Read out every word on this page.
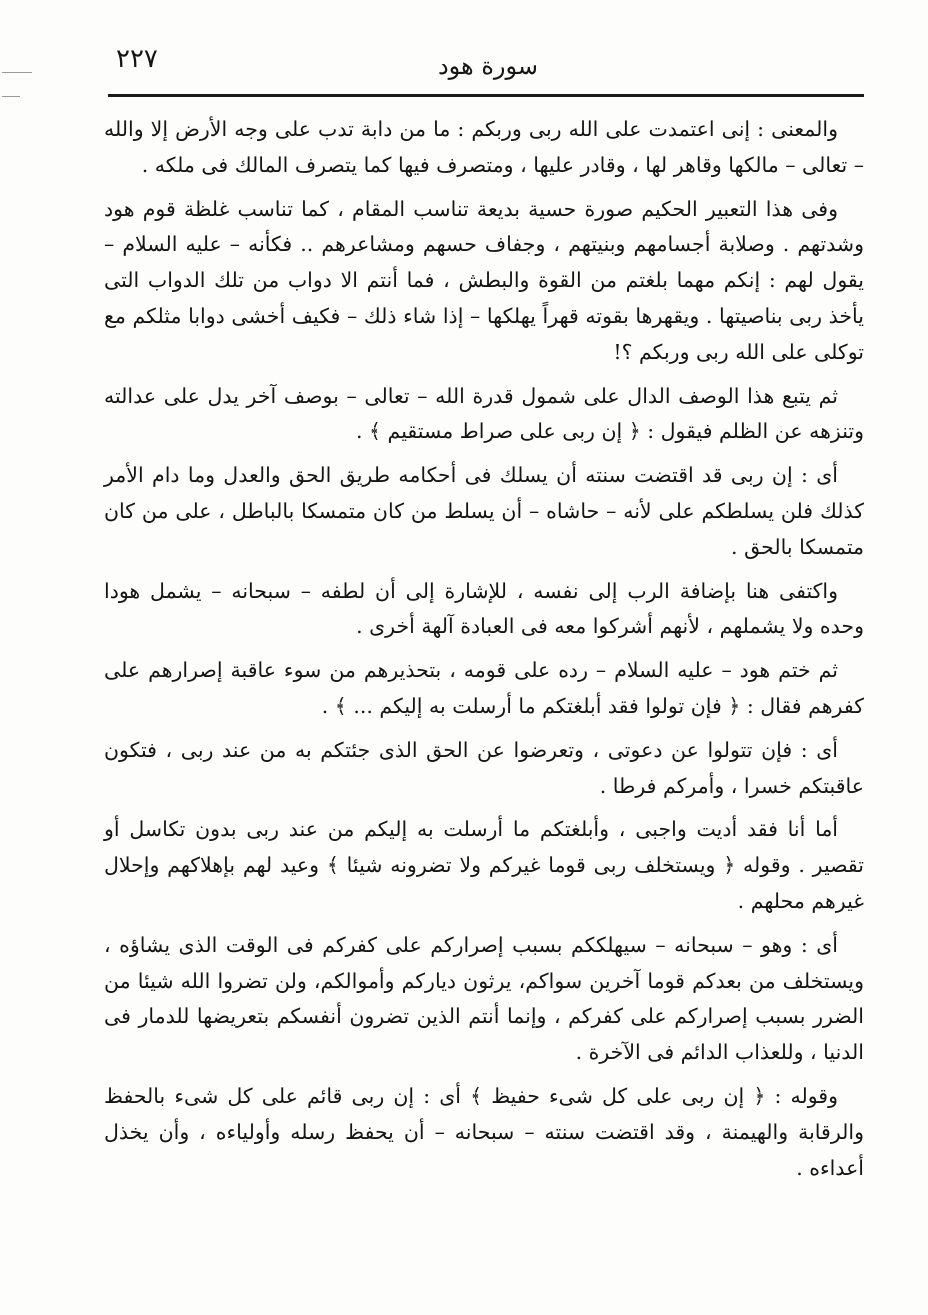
٢٢٧	سورة هود

والمعنى : إنى اعتمدت على الله ربى وربكم : ما من دابة تدب على وجه الأرض إلا والله – تعالى – مالكها وقاهر لها ، وقادر عليها ، ومتصرف فيها كما يتصرف المالك فى ملكه .

وفى هذا التعبير الحكيم صورة حسية بديعة تناسب المقام ، كما تناسب غلظة قوم هود وشدتهم . وصلابة أجسامهم وبنيتهم ، وجفاف حسهم ومشاعرهم .. فكأنه – عليه السلام – يقول لهم : إنكم مهما بلغتم من القوة والبطش ، فما أنتم الا دواب من تلك الدواب التى يأخذ ربى بناصيتها . ويقهرها بقوته قهراً يهلكها – إذا شاء ذلك – فكيف أخشى دوابا مثلكم مع توكلى على الله ربى وربكم ؟!

ثم يتبع هذا الوصف الدال على شمول قدرة الله – تعالى – بوصف آخر يدل على عدالته وتنزهه عن الظلم فيقول : ﴿ إن ربى على صراط مستقيم ﴾ .

أى : إن ربى قد اقتضت سنته أن يسلك فى أحكامه طريق الحق والعدل وما دام الأمر كذلك فلن يسلطكم على لأنه – حاشاه – أن يسلط من كان متمسكا بالباطل ، على من كان متمسكا بالحق .

واكتفى هنا بإضافة الرب إلى نفسه ، للإشارة إلى أن لطفه – سبحانه – يشمل هودا وحده ولا يشملهم ، لأنهم أشركوا معه فى العبادة آلهة أخرى .

ثم ختم هود – عليه السلام – رده على قومه ، بتحذيرهم من سوء عاقبة إصرارهم على كفرهم فقال : ﴿ فإن تولوا فقد أبلغتكم ما أرسلت به إليكم ... ﴾ .

أى : فإن تتولوا عن دعوتى ، وتعرضوا عن الحق الذى جئتكم به من عند ربى ، فتكون عاقبتكم خسرا ، وأمركم فرطا .

أما أنا فقد أديت واجبى ، وأبلغتكم ما أرسلت به إليكم من عند ربى بدون تكاسل أو تقصير . وقوله ﴿ ويستخلف ربى قوما غيركم ولا تضرونه شيئا ﴾ وعيد لهم بإهلاكهم وإحلال غيرهم محلهم .

أى : وهو – سبحانه – سيهلككم بسبب إصراركم على كفركم فى الوقت الذى يشاؤه ، ويستخلف من بعدكم قوما آخرين سواكم، يرثون دياركم وأموالكم، ولن تضروا الله شيئا من الضرر بسبب إصراركم على كفركم ، وإنما أنتم الذين تضرون أنفسكم بتعريضها للدمار فى الدنيا ، وللعذاب الدائم فى الآخرة .

وقوله : ﴿ إن ربى على كل شىء حفيظ ﴾ أى : إن ربى قائم على كل شىء بالحفظ والرقابة والهيمنة ، وقد اقتضت سنته – سبحانه – أن يحفظ رسله وأولياءه ، وأن يخذل أعداءه .
